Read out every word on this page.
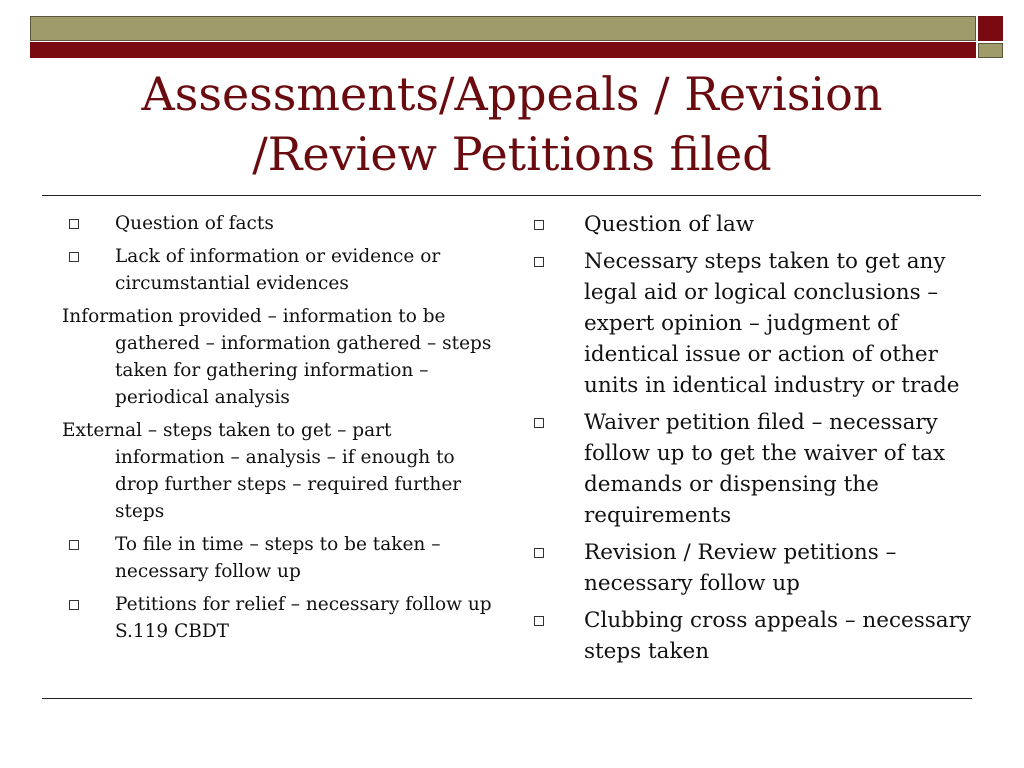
Assessments/Appeals / Revision
/Review Petitions filed
Question of facts
Lack of information or evidence or circumstantial evidences
Information provided – information to be gathered – information gathered – steps taken for gathering information – periodical analysis
External – steps taken to get – part information – analysis – if enough to drop further steps – required further steps
To file in time – steps to be taken – necessary follow up
Petitions for relief – necessary follow up S.119 CBDT
Question of law
Necessary steps taken to get any legal aid or logical conclusions – expert opinion – judgment of identical issue or action of other units in identical industry or trade
Waiver petition filed – necessary follow up to get the waiver of tax demands or dispensing the requirements
Revision / Review petitions – necessary follow up
Clubbing cross appeals – necessary steps taken
